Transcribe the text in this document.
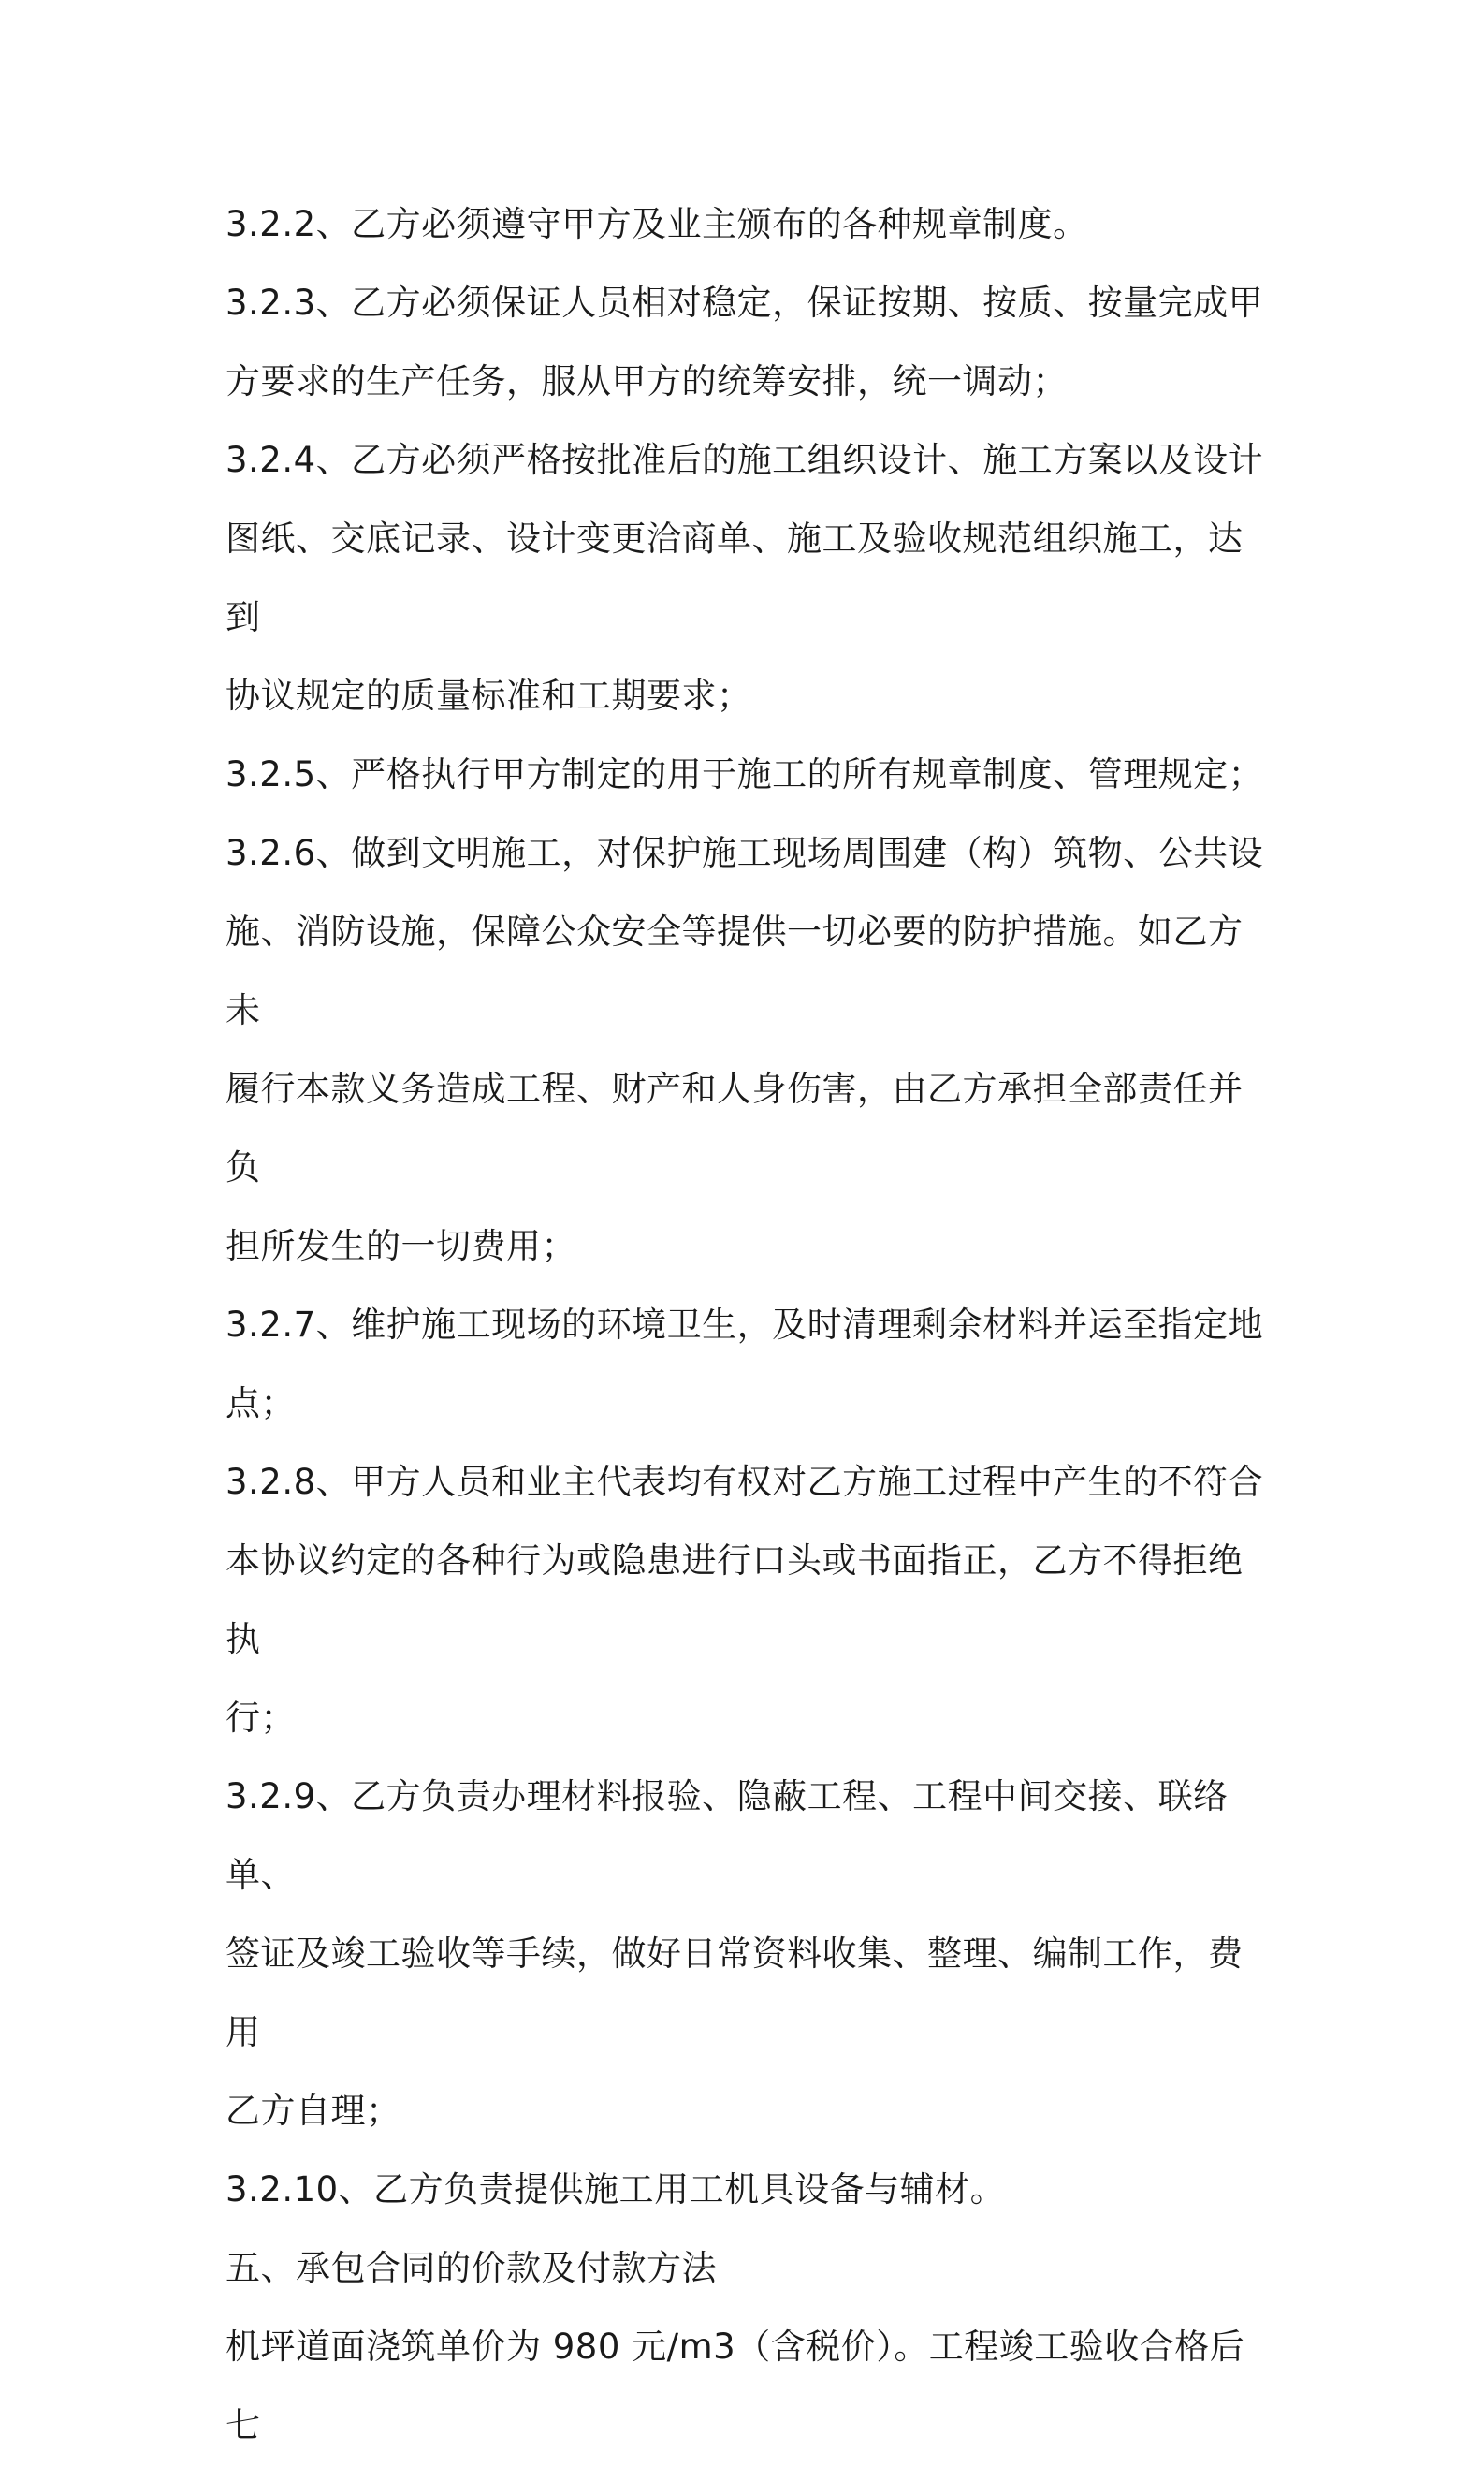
3.2.2、乙方必须遵守甲方及业主颁布的各种规章制度。

3.2.3、乙方必须保证人员相对稳定，保证按期、按质、按量完成甲

方要求的生产任务，服从甲方的统筹安排，统一调动；

3.2.4、乙方必须严格按批准后的施工组织设计、施工方案以及设计

图纸、交底记录、设计变更洽商单、施工及验收规范组织施工，达到

协议规定的质量标准和工期要求；

3.2.5、严格执行甲方制定的用于施工的所有规章制度、管理规定；

3.2.6、做到文明施工，对保护施工现场周围建（构）筑物、公共设

施、消防设施，保障公众安全等提供一切必要的防护措施。如乙方未

履行本款义务造成工程、财产和人身伤害，由乙方承担全部责任并负

担所发生的一切费用；

3.2.7、维护施工现场的环境卫生，及时清理剩余材料并运至指定地

点；

3.2.8、甲方人员和业主代表均有权对乙方施工过程中产生的不符合

本协议约定的各种行为或隐患进行口头或书面指正，乙方不得拒绝执

行；

3.2.9、乙方负责办理材料报验、隐蔽工程、工程中间交接、联络单、

签证及竣工验收等手续，做好日常资料收集、整理、编制工作，费用

乙方自理；

3.2.10、乙方负责提供施工用工机具设备与辅材。

五、承包合同的价款及付款方法

机坪道面浇筑单价为 980 元/m3（含税价）。工程竣工验收合格后七
